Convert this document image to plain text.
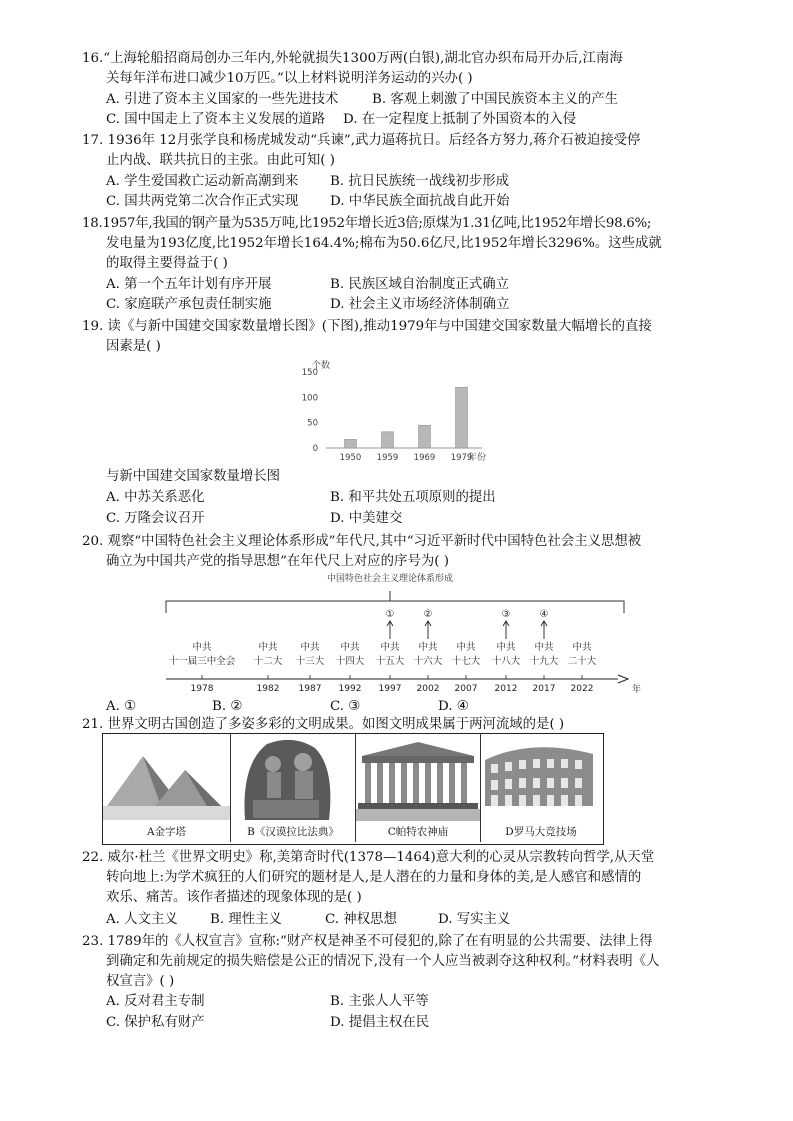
16.“上海轮船招商局创办三年内,外轮就损失1300万两(白银),湖北官办织布局开办后,江南海
关每年洋布进口减少10万匹。”以上材料说明洋务运动的兴办( )
A. 引进了资本主义国家的一些先进技术	B. 客观上刺激了中国民族资本主义的产生
C. 国中国走上了资本主义发展的道路 D. 在一定程度上抵制了外国资本的入侵
17. 1936年 12月张学良和杨虎城发动“兵谏”,武力逼蒋抗日。后经各方努力,蒋介石被迫接受停
止内战、联共抗日的主张。由此可知( )
A. 学生爱国救亡运动新高潮到来 B. 抗日民族统一战线初步形成
C. 国共两党第二次合作正式实现 D. 中华民族全面抗战自此开始
18.1957年,我国的钢产量为535万吨,比1952年增长近3倍;原煤为1.31亿吨,比1952年增长98.6%;
发电量为193亿度,比1952年增长164.4%;棉布为50.6亿尺,比1952年增长3296%。这些成就
的取得主要得益于( )
A. 第一个五年计划有序开展	B. 民族区域自治制度正式确立
C. 家庭联产承包责任制实施	D. 社会主义市场经济体制确立
19. 读《与新中国建交国家数量增长图》(下图),推动1979年与中国建交国家数量大幅增长的直接
因素是( )
个数
0
50
100
150
1950 1959 1969 1979
年份
与新中国建交国家数量增长图
A. 中苏关系恶化	B. 和平共处五项原则的提出
C. 万隆会议召开	D. 中美建交
20. 观察“中国特色社会主义理论体系形成”年代尺,其中“习近平新时代中国特色社会主义思想被
确立为中国共产党的指导思想”在年代尺上对应的序号为( )
中国特色社会主义理论体系形成
①	②	③	④
中共
十一届三中全会
中共
十二大
中共
十三大
中共
十四大
中共
十五大
中共
十六大
中共
十七大
中共
十八大
中共
十九大
中共
二十大
年
1978	1982 1987 1992 1997 2002 2007 2012 2017 2022
A. ①	B. ②	C. ③	D. ④
21. 世界文明古国创造了多姿多彩的文明成果。如图文明成果属于两河流域的是( )
A金字塔	B《汉谟拉比法典》	C帕特农神庙	D罗马大竞技场
22. 威尔·杜兰《世界文明史》称,美第奇时代(1378—1464)意大利的心灵从宗教转向哲学,从天堂
转向地上:为学术疯狂的人们研究的题材是人,是人潜在的力量和身体的美,是人感官和感情的
欢乐、痛苦。该作者描述的现象体现的是( )
A. 人文主义 B. 理性主义	C. 神权思想	D. 写实主义
23. 1789年的《人权宣言》宣称:“财产权是神圣不可侵犯的,除了在有明显的公共需要、法律上得
到确定和先前规定的损失赔偿是公正的情况下,没有一个人应当被剥夺这种权利。”材料表明《人
权宣言》( )
A. 反对君主专制	B. 主张人人平等
C. 保护私有财产	D. 提倡主权在民
